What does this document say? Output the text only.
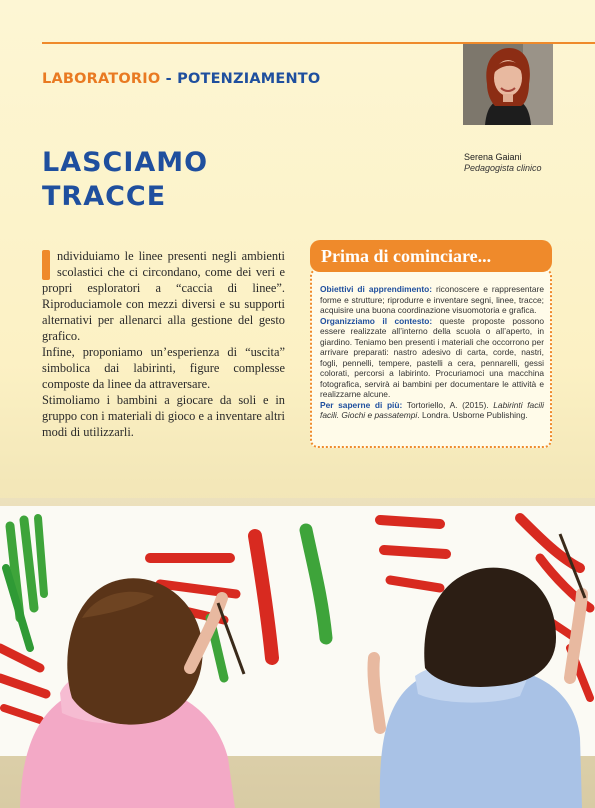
LABORATORIO - POTENZIAMENTO
LASCIAMO
TRACCE
Serena Gaiani
Pedagogista clinico

ndividuiamo le linee presenti negli ambienti scolastici che ci circondano, come dei veri e propri esploratori a “caccia di linee”. Riproduciamole con mezzi diversi e su supporti alternativi per allenarci alla gestione del gesto grafico.

Infine, proponiamo un’esperienza di “uscita” simbolica dai labirinti, figure complesse composte da linee da attraversare.

Stimoliamo i bambini a giocare da soli e in gruppo con i materiali di gioco e a inventare altri modi di utilizzarli.

Prima di cominciare...
Obiettivi di apprendimento: riconoscere e rappresentare forme e strutture; riprodurre e inventare segni, linee, tracce; acquisire una buona coordinazione visuomotoria e grafica.
Organizziamo il contesto: queste proposte possono essere realizzate all’interno della scuola o all’aperto, in giardino. Teniamo ben presenti i materiali che occorrono per arrivare preparati: nastro adesivo di carta, corde, nastri, fogli, pennelli, tempere, pastelli a cera, pennarelli, gessi colorati, percorsi a labirinto. Procuriamoci una macchina fotografica, servirà ai bambini per documentare le attività e realizzarne alcune.
Per saperne di più: Tortoriello, A. (2015). Labirinti facili facili. Giochi e passatempi. Londra. Usborne Publishing.
